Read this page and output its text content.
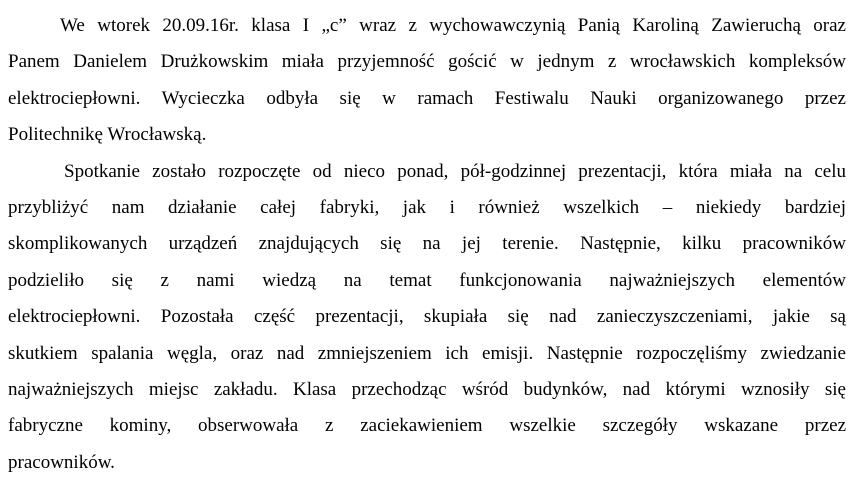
We wtorek 20.09.16r. klasa I „c” wraz z wychowawczynią Panią Karoliną Zawieruchą oraz
Panem Danielem Drużkowskim miała przyjemność gościć w jednym z wrocławskich kompleksów
elektrociepłowni. Wycieczka odbyła się w ramach Festiwalu Nauki organizowanego przez
Politechnikę Wrocławską.
Spotkanie zostało rozpoczęte od nieco ponad, pół-godzinnej prezentacji, która miała na celu
przybliżyć nam działanie całej fabryki, jak i również wszelkich – niekiedy bardziej
skomplikowanych urządzeń znajdujących się na jej terenie. Następnie, kilku pracowników
podzieliło się z nami wiedzą na temat funkcjonowania najważniejszych elementów
elektrociepłowni. Pozostała część prezentacji, skupiała się nad zanieczyszczeniami, jakie są
skutkiem spalania węgla, oraz nad zmniejszeniem ich emisji. Następnie rozpoczęliśmy zwiedzanie
najważniejszych miejsc zakładu. Klasa przechodząc wśród budynków, nad którymi wznosiły się
fabryczne kominy, obserwowała z zaciekawieniem wszelkie szczegóły wskazane przez
pracowników.
